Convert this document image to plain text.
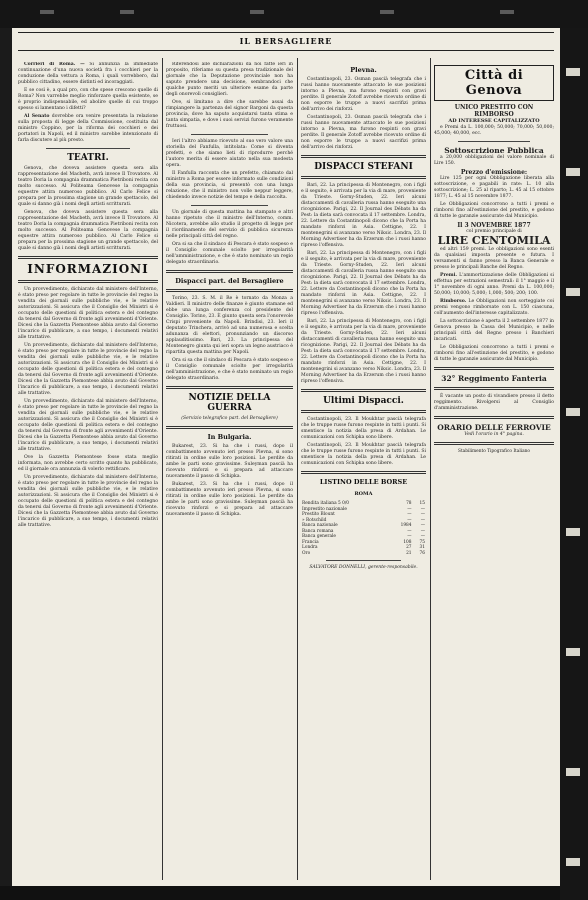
IL BERSAGLIERE

Corrieri di Roma. — Si annunzia la immediate continuazione d'una nuova società fra i cocchieri per la conduzione della vettura a Roma, i quali vorrebbero, dal pubblico cittadino, essere distinti ed incoraggiati.

E se così è, a qual pro, con che spese crescono quelle di Roma? Non varrebbe meglio rinforzare quella esistente, se è proprio indispensabile, ed abolire quelle di cui troppo spesso si lamentano i difetti?

Al Senato dovrebbe ora venire presentata la relazione sulla proposta di legge della Commissione, costituita dal ministro Coppino, per la riforma dei cocchieri e dei portatori in Napoli, ed il ministro sarebbe intenzionato di farla discutere al più presto.

TEATRI.

Genova, che doveva assistere questa sera alla rappresentazione del Macbeth, avrà invece Il Trovatore. Al teatro Doria la compagnia drammatica Pietriboni recita con molto successo. Al Politeama Genovese la compagnia equestre attira numeroso pubblico. Al Carlo Felice si prepara per la prossima stagione un grande spettacolo, del quale si danno già i nomi degli artisti scritturati.

Genova, che doveva assistere questa sera alla rappresentazione del Macbeth, avrà invece Il Trovatore. Al teatro Doria la compagnia drammatica Pietriboni recita con molto successo. Al Politeama Genovese la compagnia equestre attira numeroso pubblico. Al Carlo Felice si prepara per la prossima stagione un grande spettacolo, del quale si danno già i nomi degli artisti scritturati.

INFORMAZIONI

Un provvedimento, dichiarato dal ministero dell'Interno, è stato preso per regolare in tutte le provincie del regno la vendita dei giornali sulle pubbliche vie, e le relative autorizzazioni. Si assicura che il Consiglio dei Ministri si è occupato delle questioni di politica estera e del contegno da tenersi dal Governo di fronte agli avvenimenti d'Oriente. Dicesi che la Gazzetta Piemontese abbia avuto dal Governo l'incarico di pubblicare, a suo tempo, i documenti relativi alle trattative.

Un provvedimento, dichiarato dal ministero dell'Interno, è stato preso per regolare in tutte le provincie del regno la vendita dei giornali sulle pubbliche vie, e le relative autorizzazioni. Si assicura che il Consiglio dei Ministri si è occupato delle questioni di politica estera e del contegno da tenersi dal Governo di fronte agli avvenimenti d'Oriente. Dicesi che la Gazzetta Piemontese abbia avuto dal Governo l'incarico di pubblicare, a suo tempo, i documenti relativi alle trattative.

Un provvedimento, dichiarato dal ministero dell'Interno, è stato preso per regolare in tutte le provincie del regno la vendita dei giornali sulle pubbliche vie, e le relative autorizzazioni. Si assicura che il Consiglio dei Ministri si è occupato delle questioni di politica estera e del contegno da tenersi dal Governo di fronte agli avvenimenti d'Oriente. Dicesi che la Gazzetta Piemontese abbia avuto dal Governo l'incarico di pubblicare, a suo tempo, i documenti relativi alle trattative.

Ove la Gazzetta Piemontese fosse stata meglio informata, non avrebbe certo scritto quanto ha pubblicato, ed il giornale ora annunzia di volerlo rettificare.

Un provvedimento, dichiarato dal ministero dell'Interno, è stato preso per regolare in tutte le provincie del regno la vendita dei giornali sulle pubbliche vie, e le relative autorizzazioni. Si assicura che il Consiglio dei Ministri si è occupato delle questioni di politica estera e del contegno da tenersi dal Governo di fronte agli avvenimenti d'Oriente. Dicesi che la Gazzetta Piemontese abbia avuto dal Governo l'incarico di pubblicare, a suo tempo, i documenti relativi alle trattative.

Riferendosi alle dichiarazioni da noi fatte ieri in proposito, riferiamo su questa presa tradizionale del giornale che la Deputazione provinciale non ha saputo prendere una decisione, sembrandoci che qualche punto meriti un ulteriore esame da parte degli onorevoli consiglieri.

Ove, si limitano a dire che sarebbe assai da rimpiangere la partenza del signor Bargoni da questa provincia, dove ha saputo acquistarsi tanta stima e tanta simpatia, e dove i suoi servizi furono veramente fruttuosi.

Ieri l'altro abbiamo ricevuto al suo vero valore una storiella del Fanfulla, intitolata: Come si diventa prefetti, e che siamo lieti di riprodurre perché l'autore merita di essere aiutato nella sua modesta opera.

Il Fanfulla racconta che un prefetto, chiamato dal ministro a Roma per essere informato sulle condizioni della sua provincia, si presentò con una lunga relazione, che il ministro non volle neppur leggere, chiedendo invece notizie del tempo e della raccolta.

Un giornale di questa mattina ha stampato e altri hanno ripetuto che il ministro dell'Interno, comm. Nicotera, avrebbe allo studio il progetto di legge per il riordinamento del servizio di pubblica sicurezza nelle principali città del regno.

Ora si sa che il sindaco di Pescara è stato sospeso e il Consiglio comunale sciolto per irregolarità nell'amministrazione, e che è stato nominato un regio delegato straordinario.

Dispacci part. del Bersagliere

Torino, 23. S. M. il Re è tornato da Monza a Valdieri. Il ministro delle finanze è giunto stamane ed ebbe una lunga conferenza col presidente del Consiglio. Torino, 23. È giunto questa sera l'onorevole Crispi proveniente da Napoli. Brindisi, 23. Ieri il deputato Trinchera, arrivò ad una numerosa e scelta adunanza di elettori, pronunziando un discorso applauditissimo. Bari, 23. La principessa del Montenegro giunta qui ieri sopra un legno austriaco è ripartita questa mattina per Napoli.

Ora si sa che il sindaco di Pescara è stato sospeso e il Consiglio comunale sciolto per irregolarità nell'amministrazione, e che è stato nominato un regio delegato straordinario.

NOTIZIE DELLA GUERRA
(Servizio telegrafico part. del Bersagliere)
In Bulgaria.

Bukarest, 23. Si ha che i russi, dopo il combattimento avvenuto ieri presso Plevna, si sono ritirati in ordine sulle loro posizioni. Le perdite da ambe le parti sono gravissime. Suleyman pascià ha ricevuto rinforzi e si prepara ad attaccare nuovamente il passo di Schipka.

Bukarest, 23. Si ha che i russi, dopo il combattimento avvenuto ieri presso Plevna, si sono ritirati in ordine sulle loro posizioni. Le perdite da ambe le parti sono gravissime. Suleyman pascià ha ricevuto rinforzi e si prepara ad attaccare nuovamente il passo di Schipka.

Plevna.

Costantinopoli, 23. Osman pascià telegrafa che i russi hanno nuovamente attaccato le sue posizioni intorno a Plevna, ma furono respinti con gravi perdite. Il generale Zotoff avrebbe ricevuto ordine di non esporre le truppe a nuovi sacrifizi prima dell'arrivo dei rinforzi.

Costantinopoli, 23. Osman pascià telegrafa che i russi hanno nuovamente attaccato le sue posizioni intorno a Plevna, ma furono respinti con gravi perdite. Il generale Zotoff avrebbe ricevuto ordine di non esporre le truppe a nuovi sacrifizi prima dell'arrivo dei rinforzi.

DISPACCI STEFANI

Bari, 22. La principessa di Montenegro, con i figli e il seguito, è arrivata per la via di mare, proveniente da Trieste. Gorny-Studen, 22. Ieri alcuni distaccamenti di cavalleria russa hanno eseguito una ricognizione. Parigi, 22. Il Journal des Débats ha da Pest: la dieta sarà convocata il 17 settembre. Londra, 22. Lettere da Costantinopoli dicono che la Porta ha mandato rinforzi in Asia. Cettigne, 22. I montenegrini si avanzano verso Niksic. Londra, 23. Il Morning Advertiser ha da Erzerum che i russi hanno ripreso l'offensiva.

Bari, 22. La principessa di Montenegro, con i figli e il seguito, è arrivata per la via di mare, proveniente da Trieste. Gorny-Studen, 22. Ieri alcuni distaccamenti di cavalleria russa hanno eseguito una ricognizione. Parigi, 22. Il Journal des Débats ha da Pest: la dieta sarà convocata il 17 settembre. Londra, 22. Lettere da Costantinopoli dicono che la Porta ha mandato rinforzi in Asia. Cettigne, 22. I montenegrini si avanzano verso Niksic. Londra, 23. Il Morning Advertiser ha da Erzerum che i russi hanno ripreso l'offensiva.

Bari, 22. La principessa di Montenegro, con i figli e il seguito, è arrivata per la via di mare, proveniente da Trieste. Gorny-Studen, 22. Ieri alcuni distaccamenti di cavalleria russa hanno eseguito una ricognizione. Parigi, 22. Il Journal des Débats ha da Pest: la dieta sarà convocata il 17 settembre. Londra, 22. Lettere da Costantinopoli dicono che la Porta ha mandato rinforzi in Asia. Cettigne, 22. I montenegrini si avanzano verso Niksic. Londra, 23. Il Morning Advertiser ha da Erzerum che i russi hanno ripreso l'offensiva.

Ultimi Dispacci.

Costantinopoli, 23. Il Moukhtar pascià telegrafa che le truppe russe furono respinte in tutti i punti. Si smentisce la notizia della presa di Ardahan. Le comunicazioni con Schipka sono libere.

Costantinopoli, 23. Il Moukhtar pascià telegrafa che le truppe russe furono respinte in tutti i punti. Si smentisce la notizia della presa di Ardahan. Le comunicazioni con Schipka sono libere.

LISTINO DELLE BORSE
ROMA
Rendita italiana 5 0/0	78	15
Imprestito nazionale	—	—
Prestito Blount	—	—
» Rotschild	—	—
Banca nazionale	1984	—
Banca romana	—	—
Banca generale	—	—
Francia	108	75
Londra	27	31
Oro	21	76
SALVATORE DONNELLI, gerente-responsabile.
Città di Genova
UNICO PRESTITO CON RIMBORSO
AD INTERESSE CAPITALIZZATO

e Premi da L. 100,000; 50,000; 70,000; 50,000; 45,000; 40,000, ecc.

Sottoscrizione Pubblica

a 20,000 obbligazioni del valore nominale di Lire 150.

Prezzo d'emissione:

Lire 125 per ogni Obbligazione liberata alla sottoscrizione, e pagabili in rate: L. 10 alla sottoscrizione; L. 25 al riparto; L. 45 al 15 ottobre 1877; L. 45 al 15 novembre 1877.

Le Obbligazioni concorrono a tutti i premi e rimborsi fino all'estinzione del prestito, e godono di tutte le garanzie assicurate dal Municipio.

Il 3 NOVEMBRE 1877
col premio principale di
LIRE CENTOMILA

ed altri 159 premi. Le obbligazioni sono esenti da qualsiasi imposta presente e futura. I versamenti si fanno presso la Banca Generale e presso le principali Banche del Regno.

Premi. L'ammortizzazione delle Obbligazioni si effettua per estrazioni semestrali: il 1° maggio e il 1° novembre di ogni anno. Premi da L. 100,000; 50,000; 10,000; 5,000; 1,000; 500; 200; 100.

Rimborso. Le Obbligazioni non sorteggiate coi premi vengono rimborsate con L. 150 ciascuna, coll'aumento dell'interesse capitalizzato.

La sottoscrizione è aperta il 2 settembre 1877 in Genova presso la Cassa del Municipio, e nelle principali città del Regno presso i Banchieri incaricati.

Le Obbligazioni concorrono a tutti i premi e rimborsi fino all'estinzione del prestito, e godono di tutte le garanzie assicurate dal Municipio.

32° Reggimento Fanteria

È vacante un posto di vivandiere presso il detto reggimento. Rivolgersi al Consiglio d'amministrazione.

ORARIO DELLE FERROVIE
Vedi l'orario in 4° pagina.
Stabilimento Tipografico Italiano
